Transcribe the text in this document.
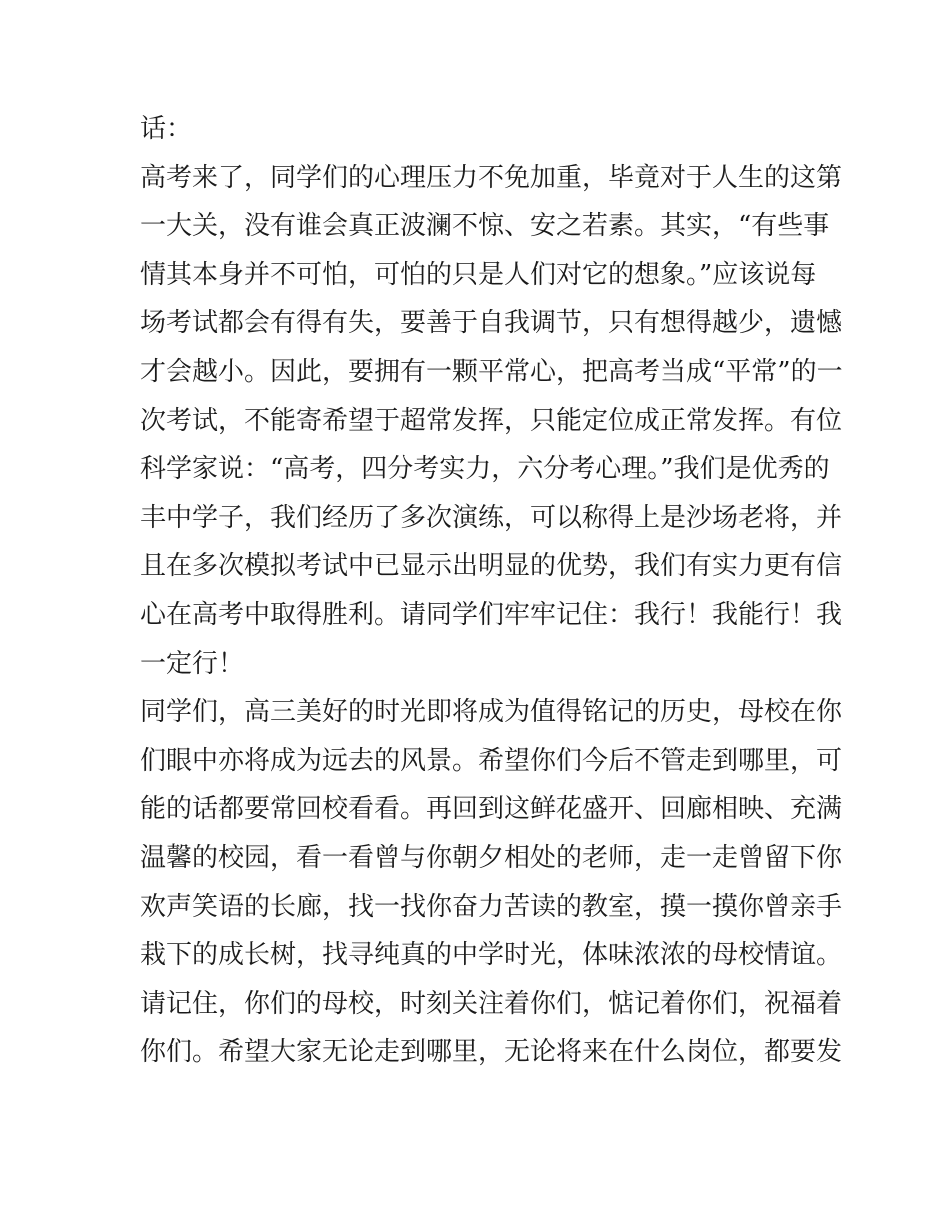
话：
高考来了，同学们的心理压力不免加重，毕竟对于人生的这第
一大关，没有谁会真正波澜不惊、安之若素。其实，“有些事
情其本身并不可怕，可怕的只是人们对它的想象。”应该说每
场考试都会有得有失，要善于自我调节，只有想得越少，遗憾
才会越小。因此，要拥有一颗平常心，把高考当成“平常”的一
次考试，不能寄希望于超常发挥，只能定位成正常发挥。有位
科学家说：“高考，四分考实力，六分考心理。”我们是优秀的
丰中学子，我们经历了多次演练，可以称得上是沙场老将，并
且在多次模拟考试中已显示出明显的优势，我们有实力更有信
心在高考中取得胜利。请同学们牢牢记住：我行！我能行！我
一定行！
同学们，高三美好的时光即将成为值得铭记的历史，母校在你
们眼中亦将成为远去的风景。希望你们今后不管走到哪里，可
能的话都要常回校看看。再回到这鲜花盛开、回廊相映、充满
温馨的校园，看一看曾与你朝夕相处的老师，走一走曾留下你
欢声笑语的长廊，找一找你奋力苦读的教室，摸一摸你曾亲手
栽下的成长树，找寻纯真的中学时光，体味浓浓的母校情谊。
请记住，你们的母校，时刻关注着你们，惦记着你们，祝福着
你们。希望大家无论走到哪里，无论将来在什么岗位，都要发
